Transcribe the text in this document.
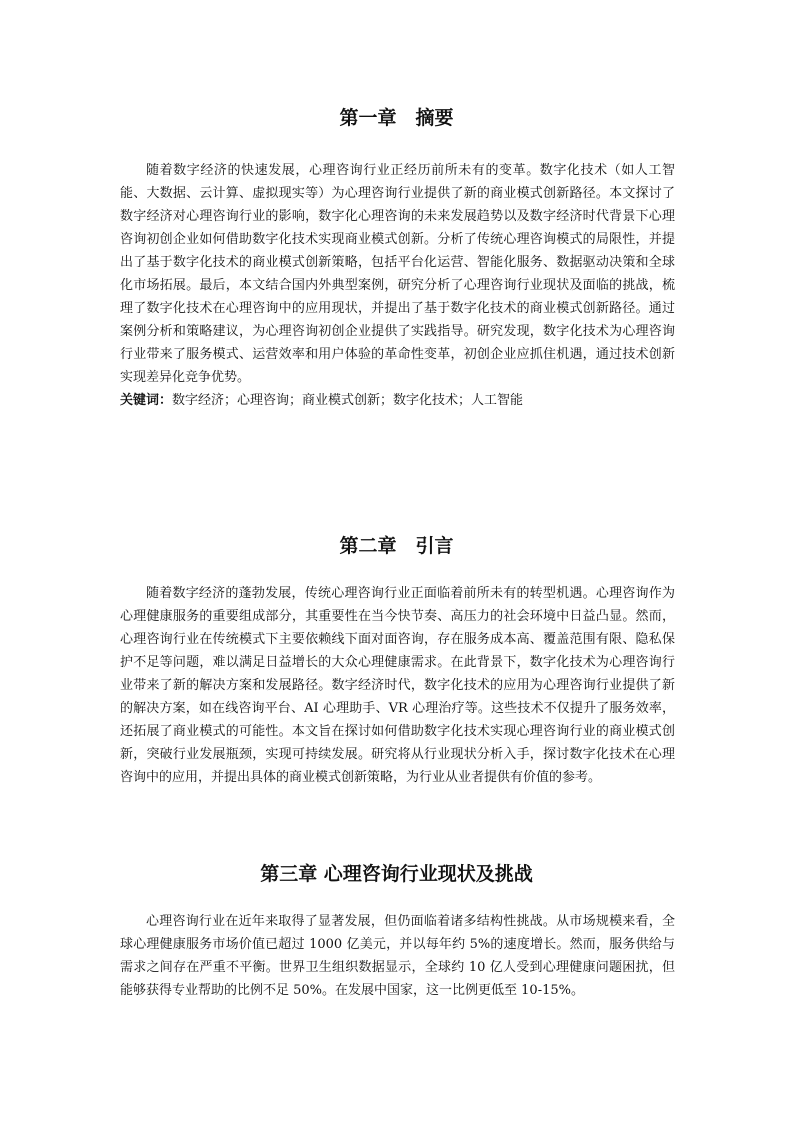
第一章　摘要

随着数字经济的快速发展，心理咨询行业正经历前所未有的变革。数字化技术（如人工智能、大数据、云计算、虚拟现实等）为心理咨询行业提供了新的商业模式创新路径。本文探讨了数字经济对心理咨询行业的影响，数字化心理咨询的未来发展趋势以及数字经济时代背景下心理咨询初创企业如何借助数字化技术实现商业模式创新。分析了传统心理咨询模式的局限性，并提出了基于数字化技术的商业模式创新策略，包括平台化运营、智能化服务、数据驱动决策和全球化市场拓展。最后，本文结合国内外典型案例，研究分析了心理咨询行业现状及面临的挑战，梳理了数字化技术在心理咨询中的应用现状，并提出了基于数字化技术的商业模式创新路径。通过案例分析和策略建议，为心理咨询初创企业提供了实践指导。研究发现，数字化技术为心理咨询行业带来了服务模式、运营效率和用户体验的革命性变革，初创企业应抓住机遇，通过技术创新实现差异化竞争优势。

关键词：数字经济；心理咨询；商业模式创新；数字化技术；人工智能

第二章　引言

随着数字经济的蓬勃发展，传统心理咨询行业正面临着前所未有的转型机遇。心理咨询作为心理健康服务的重要组成部分，其重要性在当今快节奏、高压力的社会环境中日益凸显。然而，心理咨询行业在传统模式下主要依赖线下面对面咨询，存在服务成本高、覆盖范围有限、隐私保护不足等问题，难以满足日益增长的大众心理健康需求。在此背景下，数字化技术为心理咨询行业带来了新的解决方案和发展路径。数字经济时代，数字化技术的应用为心理咨询行业提供了新的解决方案，如在线咨询平台、AI 心理助手、VR 心理治疗等。这些技术不仅提升了服务效率，还拓展了商业模式的可能性。本文旨在探讨如何借助数字化技术实现心理咨询行业的商业模式创新，突破行业发展瓶颈，实现可持续发展。研究将从行业现状分析入手，探讨数字化技术在心理咨询中的应用，并提出具体的商业模式创新策略，为行业从业者提供有价值的参考。

第三章 心理咨询行业现状及挑战

心理咨询行业在近年来取得了显著发展，但仍面临着诸多结构性挑战。从市场规模来看，全球心理健康服务市场价值已超过 1000 亿美元，并以每年约 5%的速度增长。然而，服务供给与需求之间存在严重不平衡。世界卫生组织数据显示，全球约 10 亿人受到心理健康问题困扰，但能够获得专业帮助的比例不足 50%。在发展中国家，这一比例更低至 10-15%。
